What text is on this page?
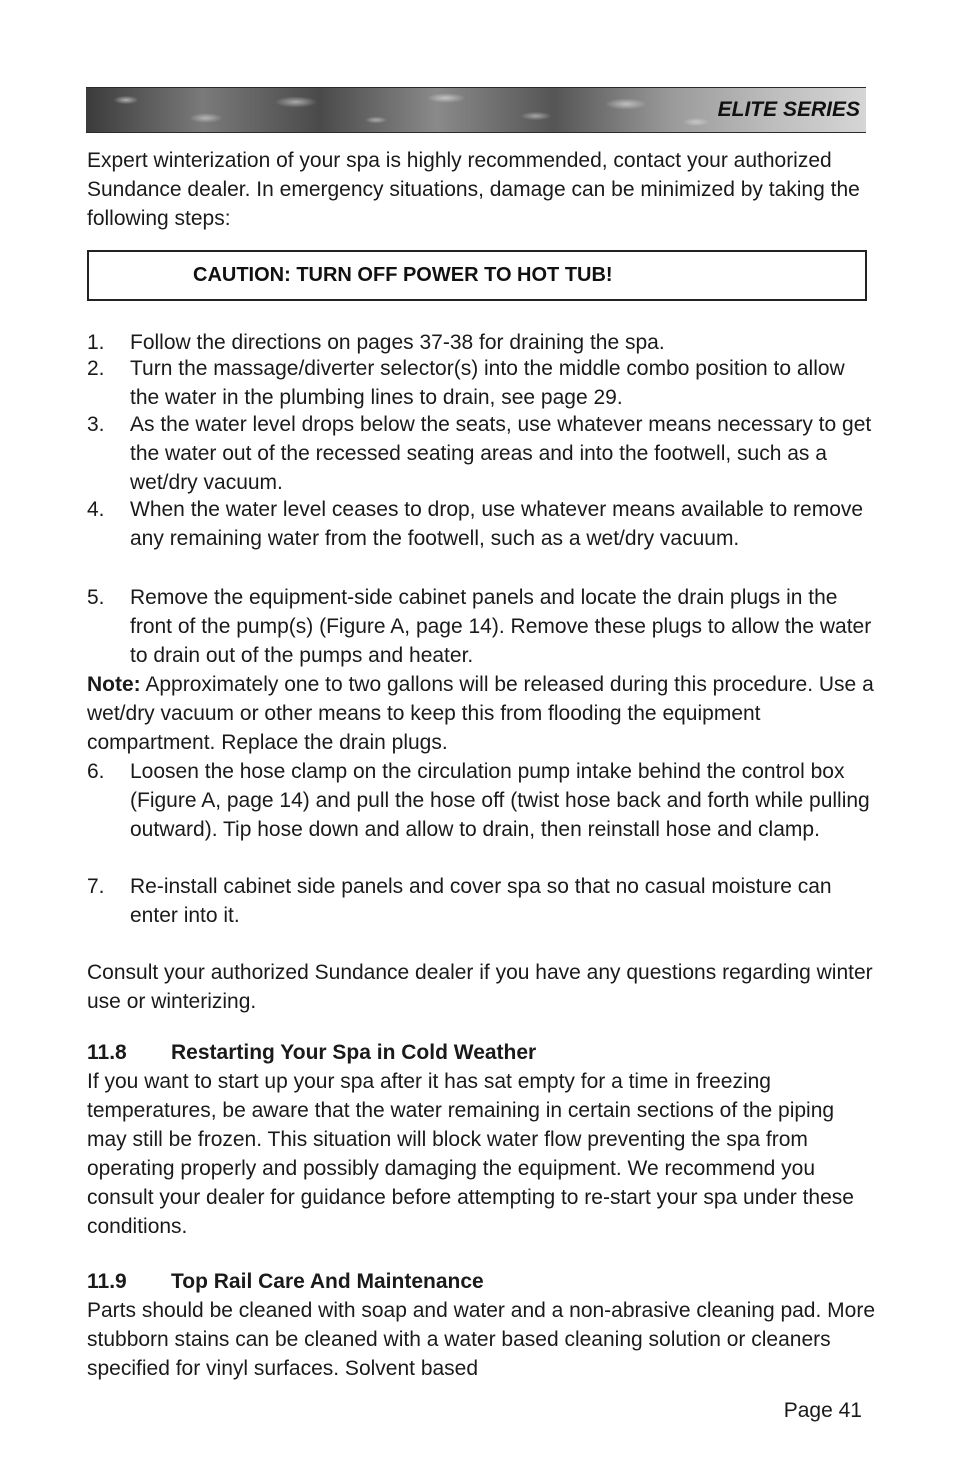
ELITE SERIES

Expert winterization of your spa is highly recommended, contact your authorized Sundance dealer. In emergency situations, damage can be minimized by taking the following steps:

CAUTION: TURN OFF POWER TO HOT TUB!
1.	Follow the directions on pages 37-38 for draining the spa.
2.	Turn the massage/diverter selector(s) into the middle combo position to allow the water in the plumbing lines to drain, see page 29.
3.	As the water level drops below the seats, use whatever means necessary to get the water out of the recessed seating areas and into the footwell, such as a wet/dry vacuum.
4.	When the water level ceases to drop, use whatever means available to remove any remaining water from the footwell, such as a wet/dry vacuum.
5.	Remove the equipment-side cabinet panels and locate the drain plugs in the front of the pump(s) (Figure A, page 14). Remove these plugs to allow the water to drain out of the pumps and heater.

Note: Approximately one to two gallons will be released during this procedure. Use a wet/dry vacuum or other means to keep this from flooding the equipment compartment. Replace the drain plugs.

6.	Loosen the hose clamp on the circulation pump intake behind the control box (Figure A, page 14) and pull the hose off (twist hose back and forth while pulling outward). Tip hose down and allow to drain, then reinstall hose and clamp.
7.	Re-install cabinet side panels and cover spa so that no casual moisture can enter into it.

Consult your authorized Sundance dealer if you have any questions regarding winter use or winterizing.

11.8 Restarting Your Spa in Cold Weather

If you want to start up your spa after it has sat empty for a time in freezing temperatures, be aware that the water remaining in certain sections of the piping may still be frozen. This situation will block water flow preventing the spa from operating properly and possibly damaging the equipment. We recommend you consult your dealer for guidance before attempting to re-start your spa under these conditions.

11.9 Top Rail Care And Maintenance

Parts should be cleaned with soap and water and a non-abrasive cleaning pad. More stubborn stains can be cleaned with a water based cleaning solution or cleaners specified for vinyl surfaces. Solvent based

Page 41
